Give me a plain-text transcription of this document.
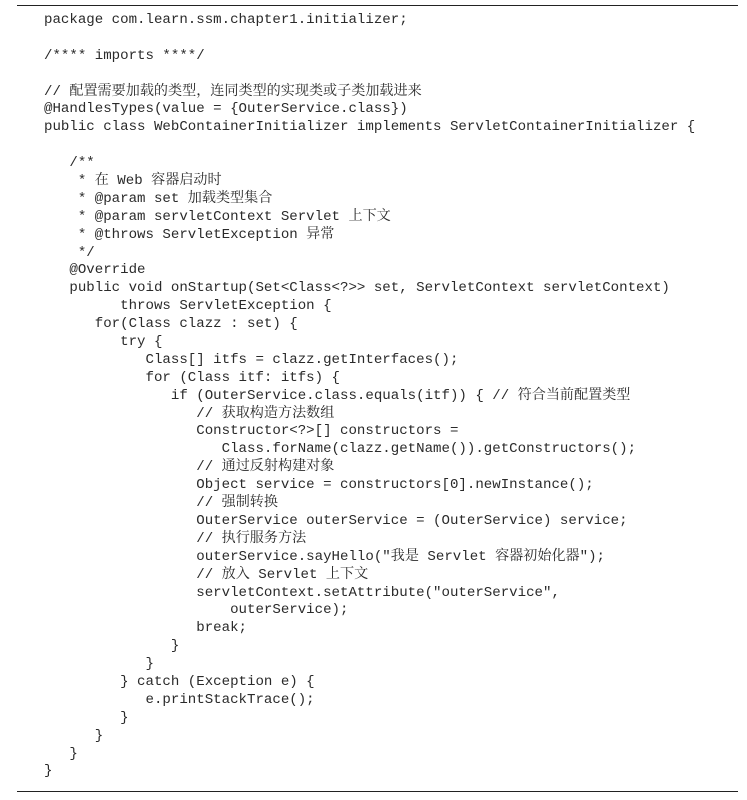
package com.learn.ssm.chapter1.initializer;
/**** imports ****/
// 配置需要加载的类型，连同类型的实现类或子类加载进来
@HandlesTypes(value = {OuterService.class})
public class WebContainerInitializer implements ServletContainerInitializer {
/**
* 在 Web 容器启动时
* @param set 加载类型集合
* @param servletContext Servlet 上下文
* @throws ServletException 异常
*/
@Override
public void onStartup(Set<Class<?>> set, ServletContext servletContext)
throws ServletException {
for(Class clazz : set) {
try {
Class[] itfs = clazz.getInterfaces();
for (Class itf: itfs) {
if (OuterService.class.equals(itf)) { // 符合当前配置类型
// 获取构造方法数组
Constructor<?>[] constructors =
Class.forName(clazz.getName()).getConstructors();
// 通过反射构建对象
Object service = constructors[0].newInstance();
// 强制转换
OuterService outerService = (OuterService) service;
// 执行服务方法
outerService.sayHello("我是 Servlet 容器初始化器");
// 放入 Servlet 上下文
servletContext.setAttribute("outerService",
outerService);
break;
}
}
} catch (Exception e) {
e.printStackTrace();
}
}
}
}
